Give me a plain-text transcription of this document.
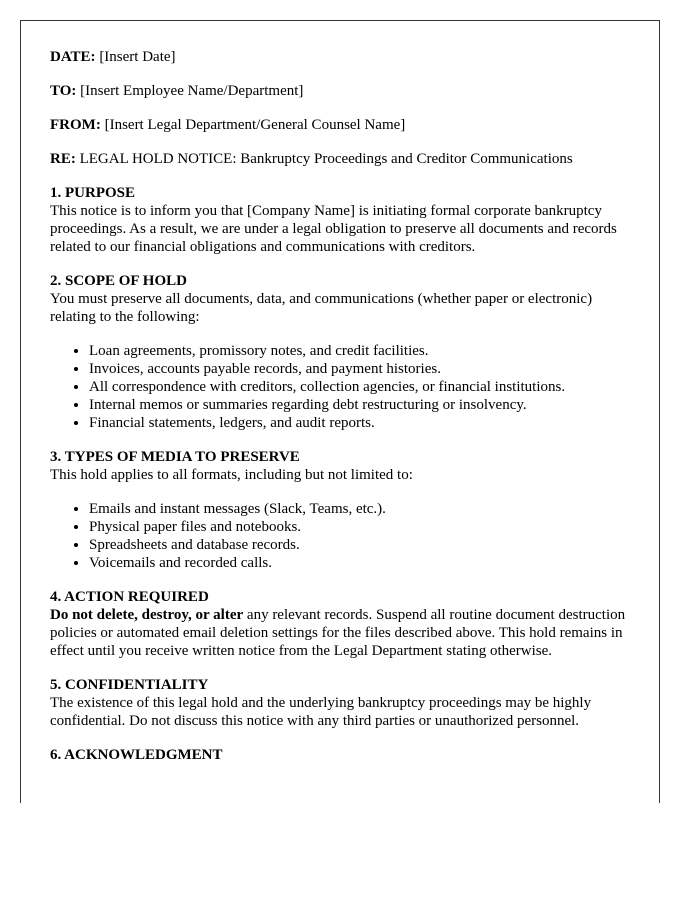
DATE: [Insert Date]
TO: [Insert Employee Name/Department]
FROM: [Insert Legal Department/General Counsel Name]
RE: LEGAL HOLD NOTICE: Bankruptcy Proceedings and Creditor Communications
1. PURPOSE

This notice is to inform you that [Company Name] is initiating formal corporate bankruptcy proceedings. As a result, we are under a legal obligation to preserve all documents and records related to our financial obligations and communications with creditors.

2. SCOPE OF HOLD

You must preserve all documents, data, and communications (whether paper or electronic) relating to the following:

• Loan agreements, promissory notes, and credit facilities.
• Invoices, accounts payable records, and payment histories.
• All correspondence with creditors, collection agencies, or financial institutions.
• Internal memos or summaries regarding debt restructuring or insolvency.
• Financial statements, ledgers, and audit reports.
3. TYPES OF MEDIA TO PRESERVE

This hold applies to all formats, including but not limited to:

• Emails and instant messages (Slack, Teams, etc.).
• Physical paper files and notebooks.
• Spreadsheets and database records.
• Voicemails and recorded calls.
4. ACTION REQUIRED

Do not delete, destroy, or alter any relevant records. Suspend all routine document destruction policies or automated email deletion settings for the files described above. This hold remains in effect until you receive written notice from the Legal Department stating otherwise.

5. CONFIDENTIALITY

The existence of this legal hold and the underlying bankruptcy proceedings may be highly confidential. Do not discuss this notice with any third parties or unauthorized personnel.

6. ACKNOWLEDGMENT
